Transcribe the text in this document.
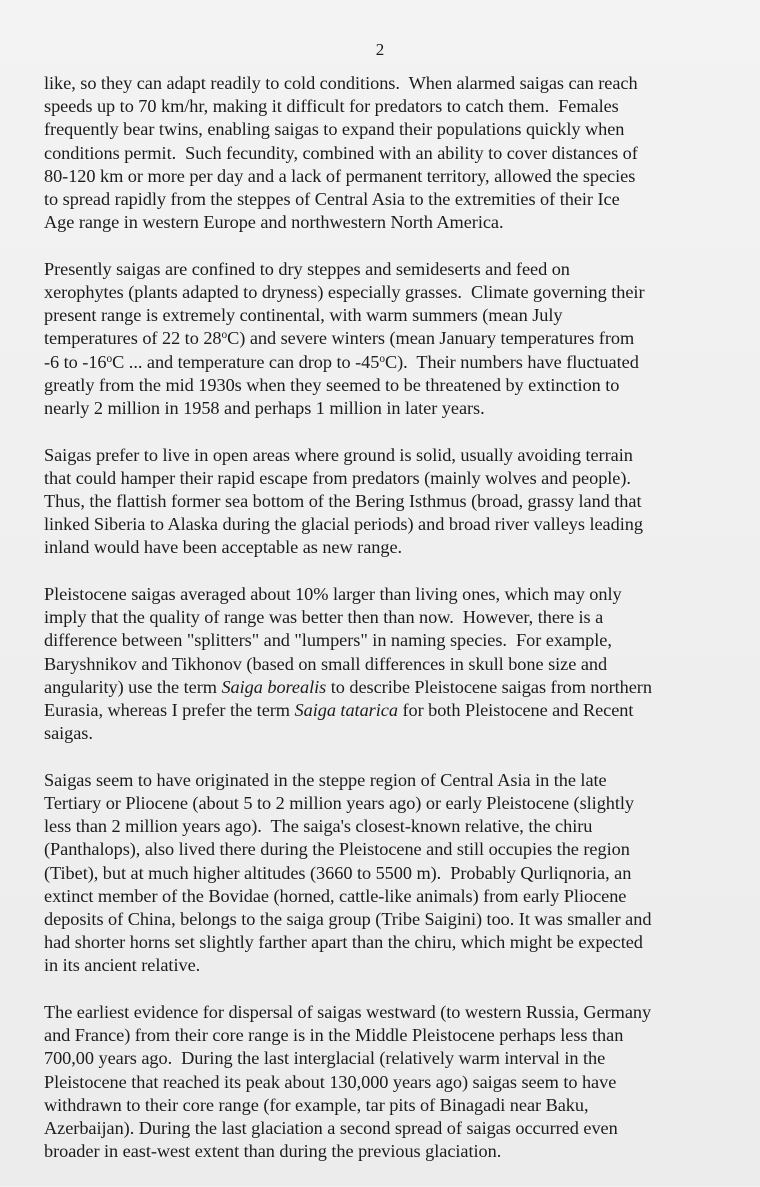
2

like, so they can adapt readily to cold conditions.  When alarmed saigas can reach
speeds up to 70 km/hr, making it difficult for predators to catch them.  Females
frequently bear twins, enabling saigas to expand their populations quickly when
conditions permit.  Such fecundity, combined with an ability to cover distances of
80-120 km or more per day and a lack of permanent territory, allowed the species
to spread rapidly from the steppes of Central Asia to the extremities of their Ice
Age range in western Europe and northwestern North America.

Presently saigas are confined to dry steppes and semideserts and feed on
xerophytes (plants adapted to dryness) especially grasses.  Climate governing their
present range is extremely continental, with warm summers (mean July
temperatures of 22 to 28$^o$C) and severe winters (mean January temperatures from
-6 to -16$^o$C ... and temperature can drop to -45$^o$C).  Their numbers have fluctuated
greatly from the mid 1930s when they seemed to be threatened by extinction to
nearly 2 million in 1958 and perhaps 1 million in later years.

Saigas prefer to live in open areas where ground is solid, usually avoiding terrain
that could hamper their rapid escape from predators (mainly wolves and people).
Thus, the flattish former sea bottom of the Bering Isthmus (broad, grassy land that
linked Siberia to Alaska during the glacial periods) and broad river valleys leading
inland would have been acceptable as new range.

Pleistocene saigas averaged about 10% larger than living ones, which may only
imply that the quality of range was better then than now.  However, there is a
difference between "splitters" and "lumpers" in naming species.  For example,
Baryshnikov and Tikhonov (based on small differences in skull bone size and
angularity) use the term Saiga borealis to describe Pleistocene saigas from northern
Eurasia, whereas I prefer the term Saiga tatarica for both Pleistocene and Recent
saigas.

Saigas seem to have originated in the steppe region of Central Asia in the late
Tertiary or Pliocene (about 5 to 2 million years ago) or early Pleistocene (slightly
less than 2 million years ago).  The saiga's closest-known relative, the chiru
(Panthalops), also lived there during the Pleistocene and still occupies the region
(Tibet), but at much higher altitudes (3660 to 5500 m).  Probably Qurliqnoria, an
extinct member of the Bovidae (horned, cattle-like animals) from early Pliocene
deposits of China, belongs to the saiga group (Tribe Saigini) too. It was smaller and
had shorter horns set slightly farther apart than the chiru, which might be expected
in its ancient relative.

The earliest evidence for dispersal of saigas westward (to western Russia, Germany
and France) from their core range is in the Middle Pleistocene perhaps less than
700,00 years ago.  During the last interglacial (relatively warm interval in the
Pleistocene that reached its peak about 130,000 years ago) saigas seem to have
withdrawn to their core range (for example, tar pits of Binagadi near Baku,
Azerbaijan). During the last glaciation a second spread of saigas occurred even
broader in east-west extent than during the previous glaciation.
